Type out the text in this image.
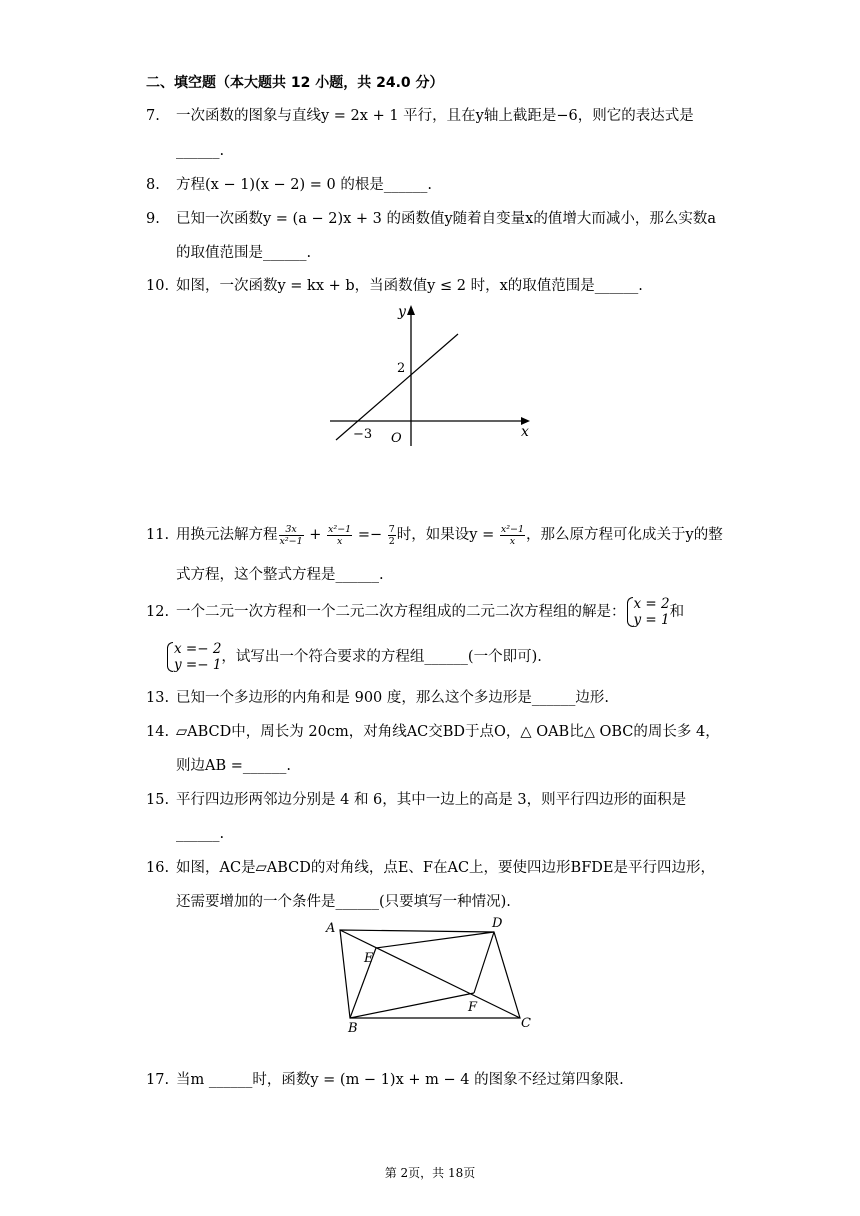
二、填空题（本大题共 12 小题，共 24.0 分）
7. 一次函数的图象与直线y = 2x + 1 平行，且在y轴上截距是−6，则它的表达式是
______.
8. 方程(x − 1)(x − 2) = 0 的根是______.
9. 已知一次函数y = (a − 2)x + 3 的函数值y随着自变量x的值增大而减小，那么实数a
的取值范围是______.
10. 如图，一次函数y = kx + b，当函数值y ≤ 2 时，x的取值范围是______.
y
x
2
−3 O
11. 用换元法解方程 $\frac{3x}{\text{x²−1}} + \frac{\text{x²−1}}{x} =- \frac{7}{2}$ 时，如果设$y = \frac{\text{x²−1}}{x}$ ，那么原方程可化成关于y的整
式方程，这个整式方程是______.
12. 一个二元一次方程和一个二元二次方程组成的二元二次方程组的解是： x = 2
y = 1 和
x =− 2
y =− 1 ，试写出一个符合要求的方程组______(一个即可).
13. 已知一个多边形的内角和是 900 度，那么这个多边形是______边形.
14. ▱ABCD中，周长为 20cm，对角线AC交BD于点O，△ OAB比△ OBC的周长多 4，
则边AB =______.
15. 平行四边形两邻边分别是 4 和 6，其中一边上的高是 3，则平行四边形的面积是
______.
16. 如图，AC是▱ABCD的对角线，点E、F在AC上，要使四边形BFDE是平行四边形，
还需要增加的一个条件是______(只要填写一种情况).
A	D
E
F
B	C
17. 当m ______时，函数y = (m − 1)x + m − 4 的图象不经过第四象限.
第 2页，共 18页
